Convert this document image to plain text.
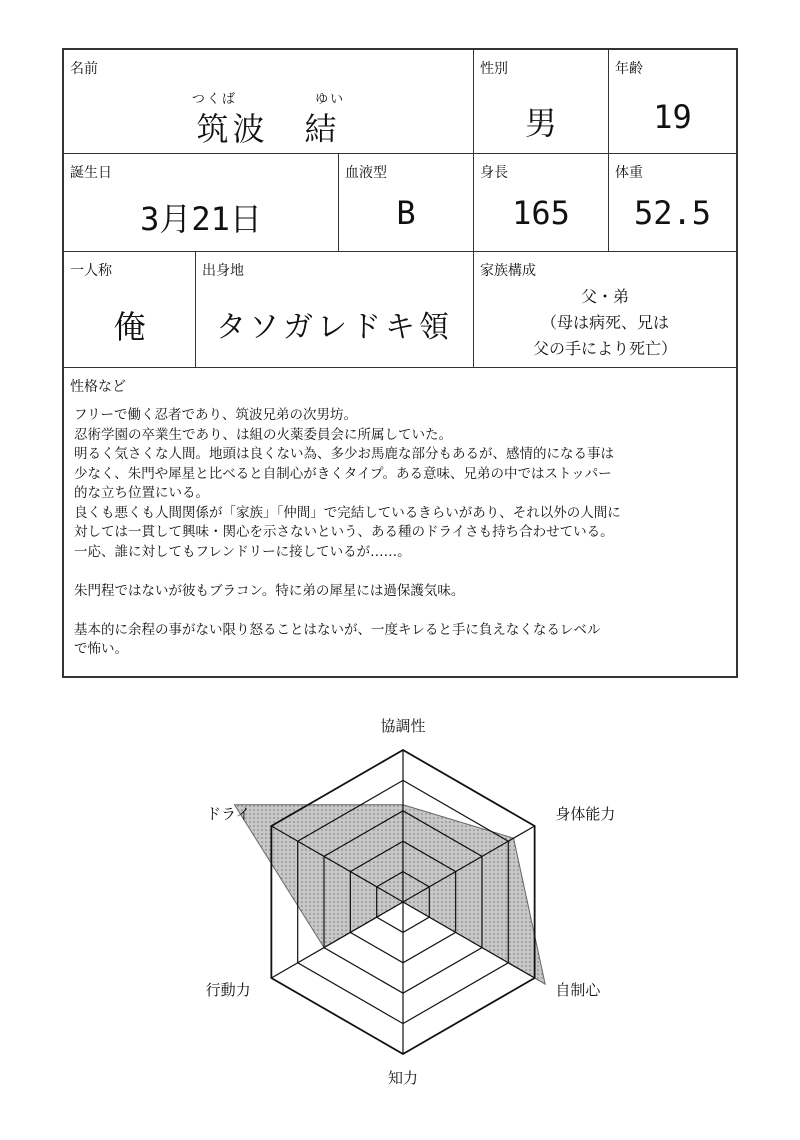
名前
つくば	ゆい
筑波　結
性別
男
年齢
19
誕生日
3月21日
血液型
B
身長
165
体重
52.5
一人称
俺
出身地
タソガレドキ領
家族構成
父・弟
（母は病死、兄は
父の手により死亡）
性格など

フリーで働く忍者であり、筑波兄弟の次男坊。

忍術学園の卒業生であり、は組の火薬委員会に所属していた。

明るく気さくな人間。地頭は良くない為、多少お馬鹿な部分もあるが、感情的になる事は

少なく、朱門や犀星と比べると自制心がきくタイプ。ある意味、兄弟の中ではストッパー

的な立ち位置にいる。

良くも悪くも人間関係が「家族」「仲間」で完結しているきらいがあり、それ以外の人間に

対しては一貫して興味・関心を示さないという、ある種のドライさも持ち合わせている。

一応、誰に対してもフレンドリーに接しているが……。

朱門程ではないが彼もブラコン。特に弟の犀星には過保護気味。

基本的に余程の事がない限り怒ることはないが、一度キレると手に負えなくなるレベル

で怖い。

協調性
身体能力
自制心
知力
行動力
ドライ
